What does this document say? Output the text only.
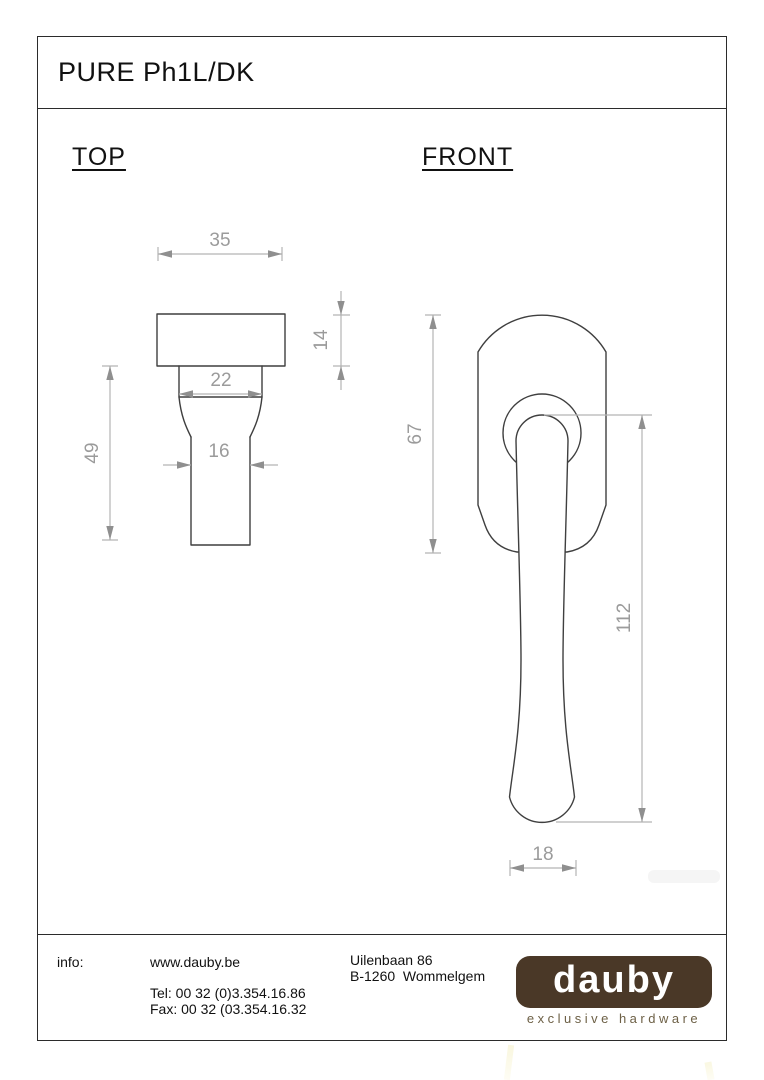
PURE Ph1L/DK
TOP	FRONT
35
14
49
22
16
67
112
18
info:	www.dauby.be
Tel: 00 32 (0)3.354.16.86
Fax: 00 32 (03.354.16.32
Uilenbaan 86
B-1260  Wommelgem dauby
exclusive hardware
